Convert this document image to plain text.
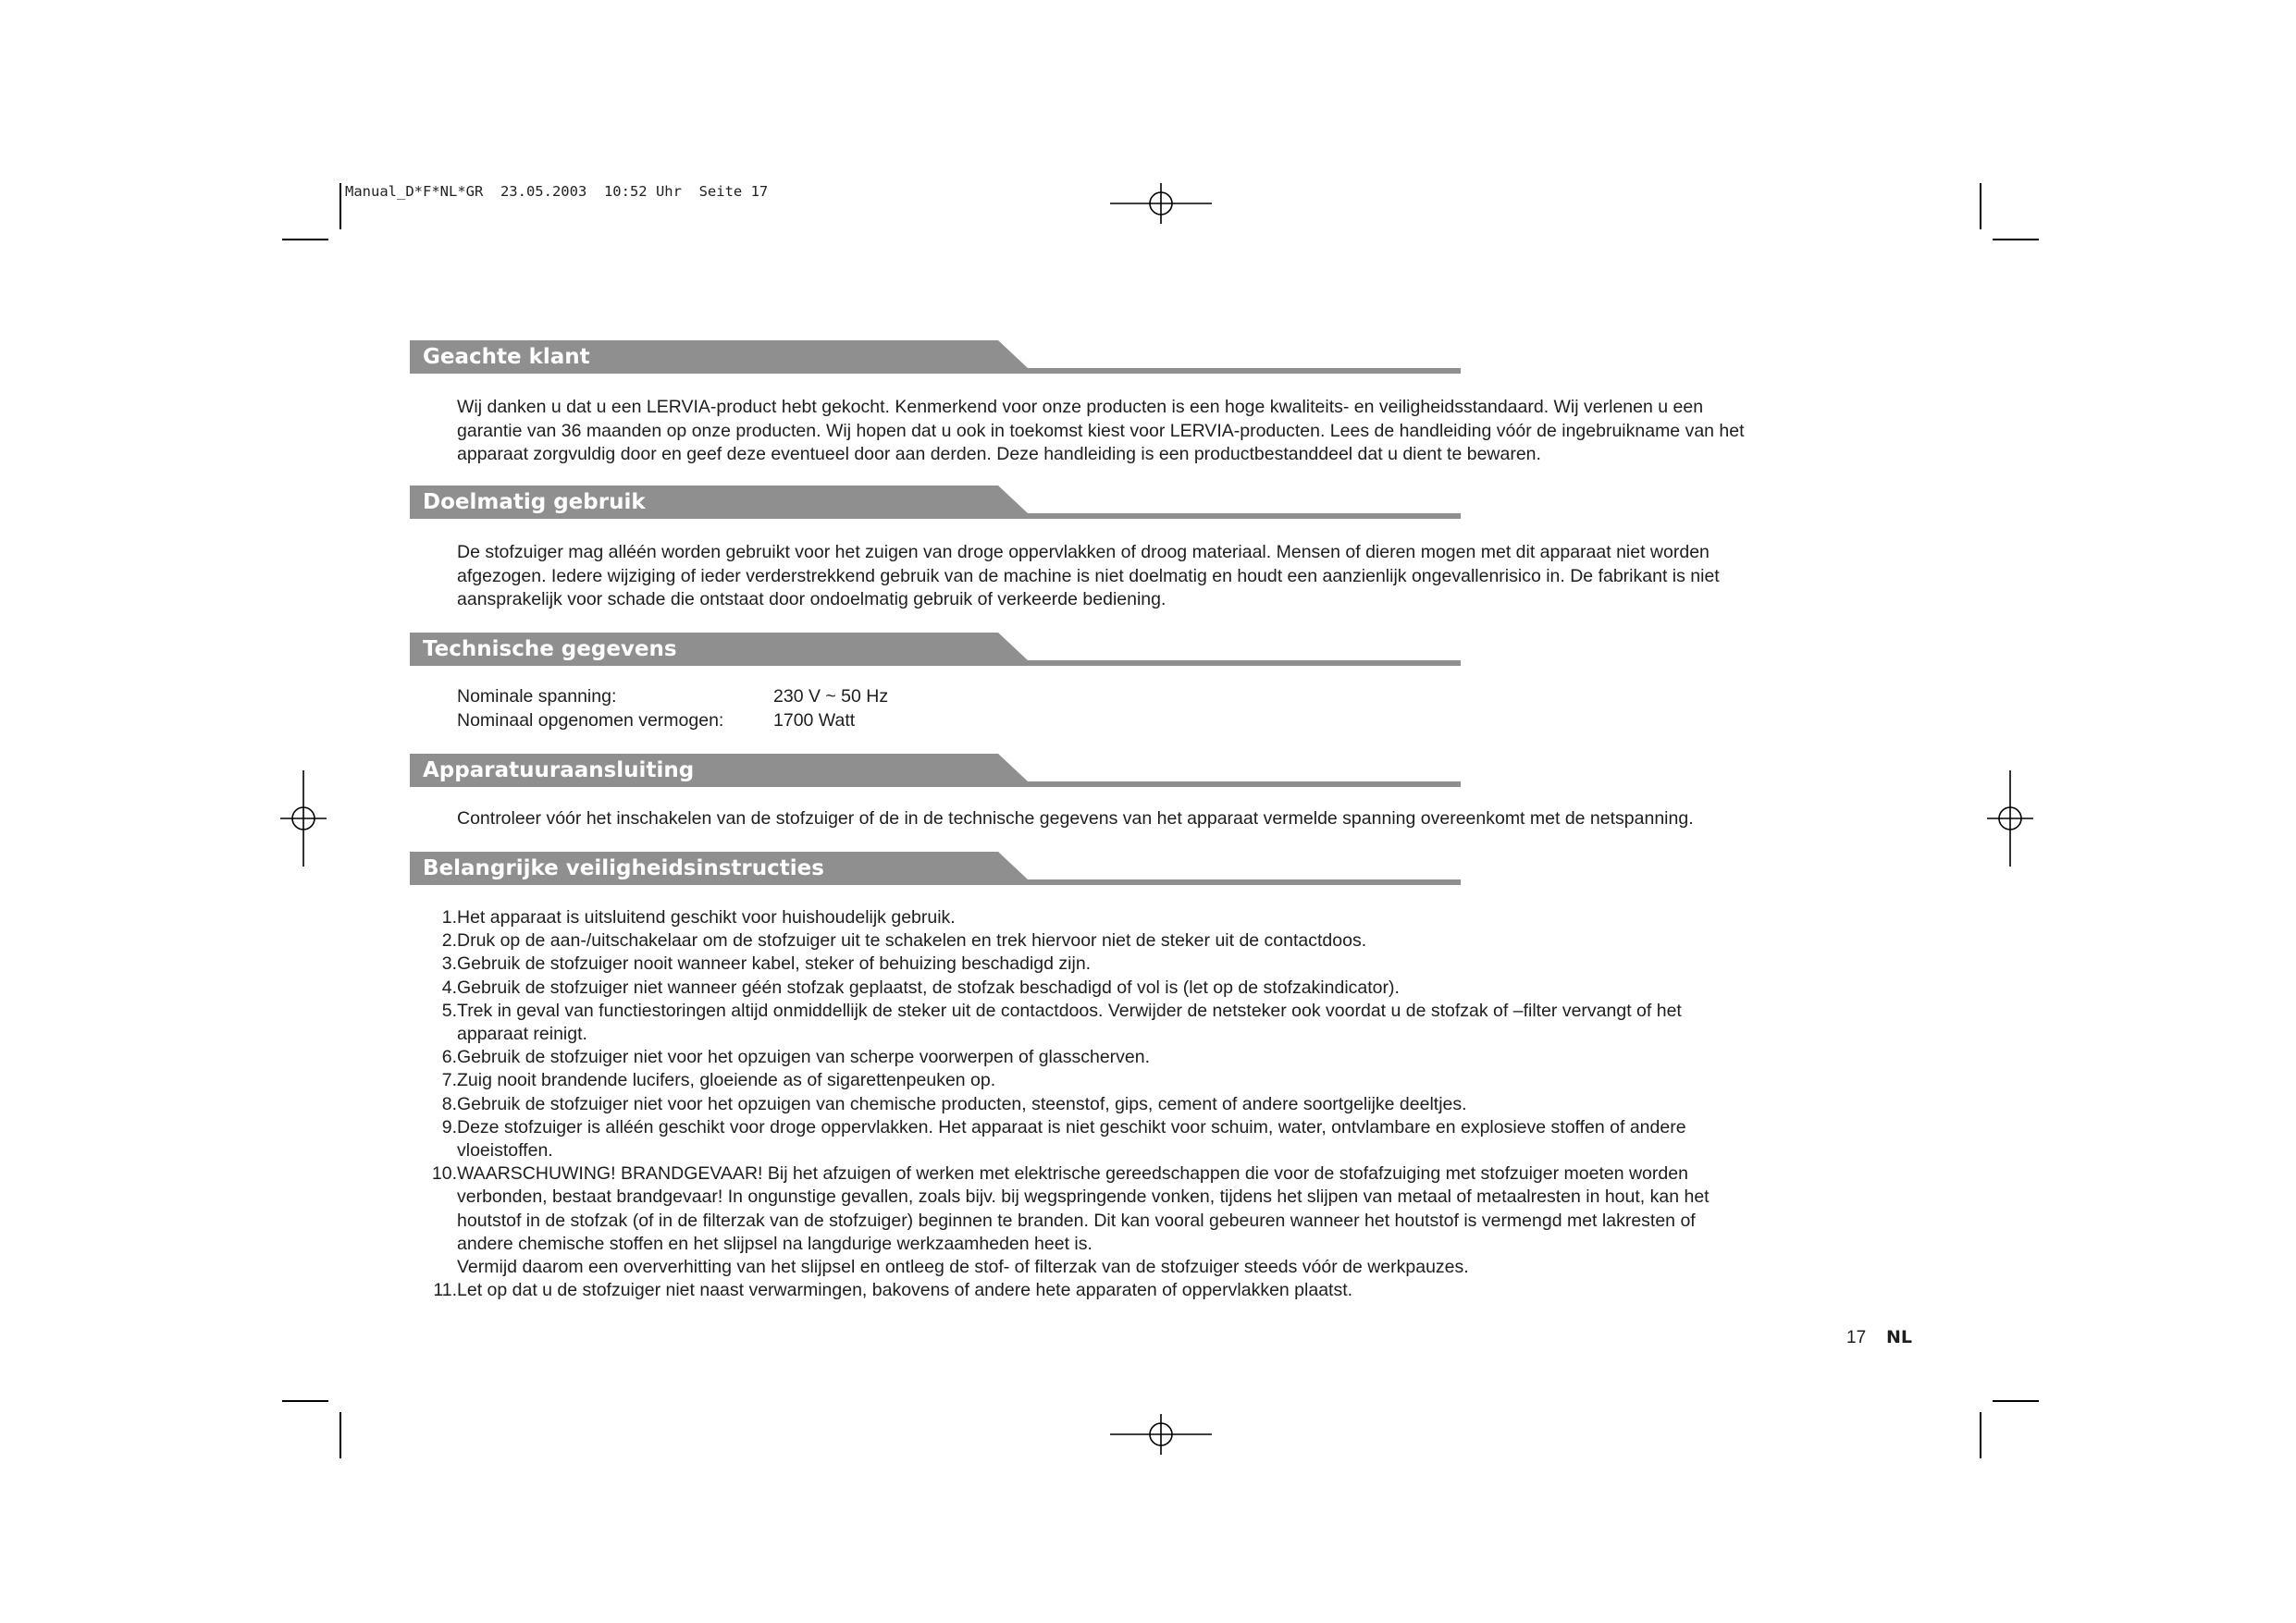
Manual_D*F*NL*GR  23.05.2003  10:52 Uhr  Seite 17
Geachte klant

Wij danken u dat u een LERVIA-product hebt gekocht. Kenmerkend voor onze producten is een hoge kwaliteits- en veiligheidsstandaard. Wij verlenen u een

garantie van 36 maanden op onze producten. Wij hopen dat u ook in toekomst kiest voor LERVIA-producten. Lees de handleiding vóór de ingebruikname van het

apparaat zorgvuldig door en geef deze eventueel door aan derden. Deze handleiding is een productbestanddeel dat u dient te bewaren.

Doelmatig gebruik

De stofzuiger mag alléén worden gebruikt voor het zuigen van droge oppervlakken of droog materiaal. Mensen of dieren mogen met dit apparaat niet worden

afgezogen. Iedere wijziging of ieder verderstrekkend gebruik van de machine is niet doelmatig en houdt een aanzienlijk ongevallenrisico in. De fabrikant is niet

aansprakelijk voor schade die ontstaat door ondoelmatig gebruik of verkeerde bediening.

Technische gegevens
Nominale spanning:	230 V ~ 50 Hz
Nominaal opgenomen vermogen:	1700 Watt
Apparatuuraansluiting

Controleer vóór het inschakelen van de stofzuiger of de in de technische gegevens van het apparaat vermelde spanning overeenkomt met de netspanning.

Belangrijke veiligheidsinstructies
1. Het apparaat is uitsluitend geschikt voor huishoudelijk gebruik.
2. Druk op de aan-/uitschakelaar om de stofzuiger uit te schakelen en trek hiervoor niet de steker uit de contactdoos.
3. Gebruik de stofzuiger nooit wanneer kabel, steker of behuizing beschadigd zijn.
4. Gebruik de stofzuiger niet wanneer géén stofzak geplaatst, de stofzak beschadigd of vol is (let op de stofzakindicator).
5. Trek in geval van functiestoringen altijd onmiddellijk de steker uit de contactdoos. Verwijder de netsteker ook voordat u de stofzak of –filter vervangt of het
apparaat reinigt.
6. Gebruik de stofzuiger niet voor het opzuigen van scherpe voorwerpen of glasscherven.
7. Zuig nooit brandende lucifers, gloeiende as of sigarettenpeuken op.
8. Gebruik de stofzuiger niet voor het opzuigen van chemische producten, steenstof, gips, cement of andere soortgelijke deeltjes.
9. Deze stofzuiger is alléén geschikt voor droge oppervlakken. Het apparaat is niet geschikt voor schuim, water, ontvlambare en explosieve stoffen of andere
vloeistoffen.
10. WAARSCHUWING! BRANDGEVAAR! Bij het afzuigen of werken met elektrische gereedschappen die voor de stofafzuiging met stofzuiger moeten worden
verbonden, bestaat brandgevaar! In ongunstige gevallen, zoals bijv. bij wegspringende vonken, tijdens het slijpen van metaal of metaalresten in hout, kan het
houtstof in de stofzak (of in de filterzak van de stofzuiger) beginnen te branden. Dit kan vooral gebeuren wanneer het houtstof is vermengd met lakresten of
andere chemische stoffen en het slijpsel na langdurige werkzaamheden heet is.
Vermijd daarom een oververhitting van het slijpsel en ontleeg de stof- of filterzak van de stofzuiger steeds vóór de werkpauzes.
11. Let op dat u de stofzuiger niet naast verwarmingen, bakovens of andere hete apparaten of oppervlakken plaatst.
17 NL
